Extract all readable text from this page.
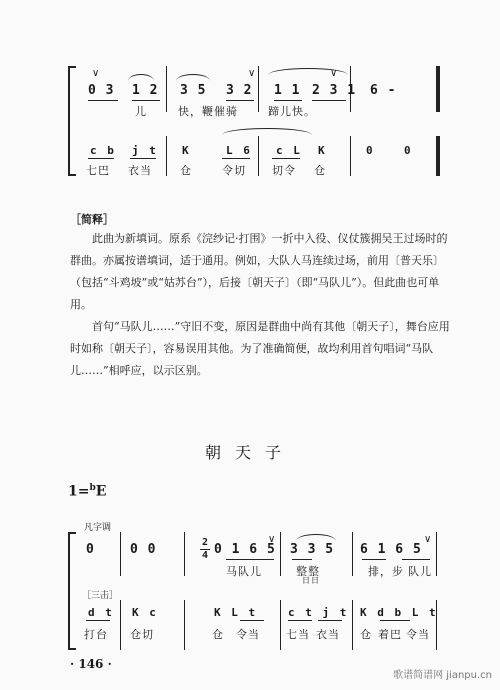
∨	∨	∨
0 3 1 2 3 5 3 2 1 1 2 3 1 6 -
儿	快，鞭催骑	蹄儿快。
c b j t K	L 6 c L K	0	0
七巴 衣当	仓	令切 切令 仓
［简释］
此曲为新填词。原系《浣纱记·打围》一折中入役、仪仗簇拥吴王过场时的群曲。亦属按谱填词，适于通用。例如，大队人马连续过场，前用〔普天乐〕（包括“斗鸡坡”或“姑苏台”），后接〔朝天子〕（即“马队儿”）。但此曲也可单用。
首句“马队儿……”守旧不变，原因是群曲中尚有其他〔朝天子〕，舞台应用时如称〔朝天子〕，容易误用其他。为了准确简便，故均利用首句唱词“马队儿……”相呼应，以示区别。
朝天子
1=$^b$E
凡字调
2
4
∨	∨
0	0 0	0 1 6 5 3 3 5 6 1 6 5
马队儿	整整	排，步 队儿
日日
［三击］
d t K c	K L t	c t j t K d b L t
打台 仓切	仓 令当 七当 衣当 仓 着巴 令当
· 146 ·
歌谱简谱网 jianpu.cn
